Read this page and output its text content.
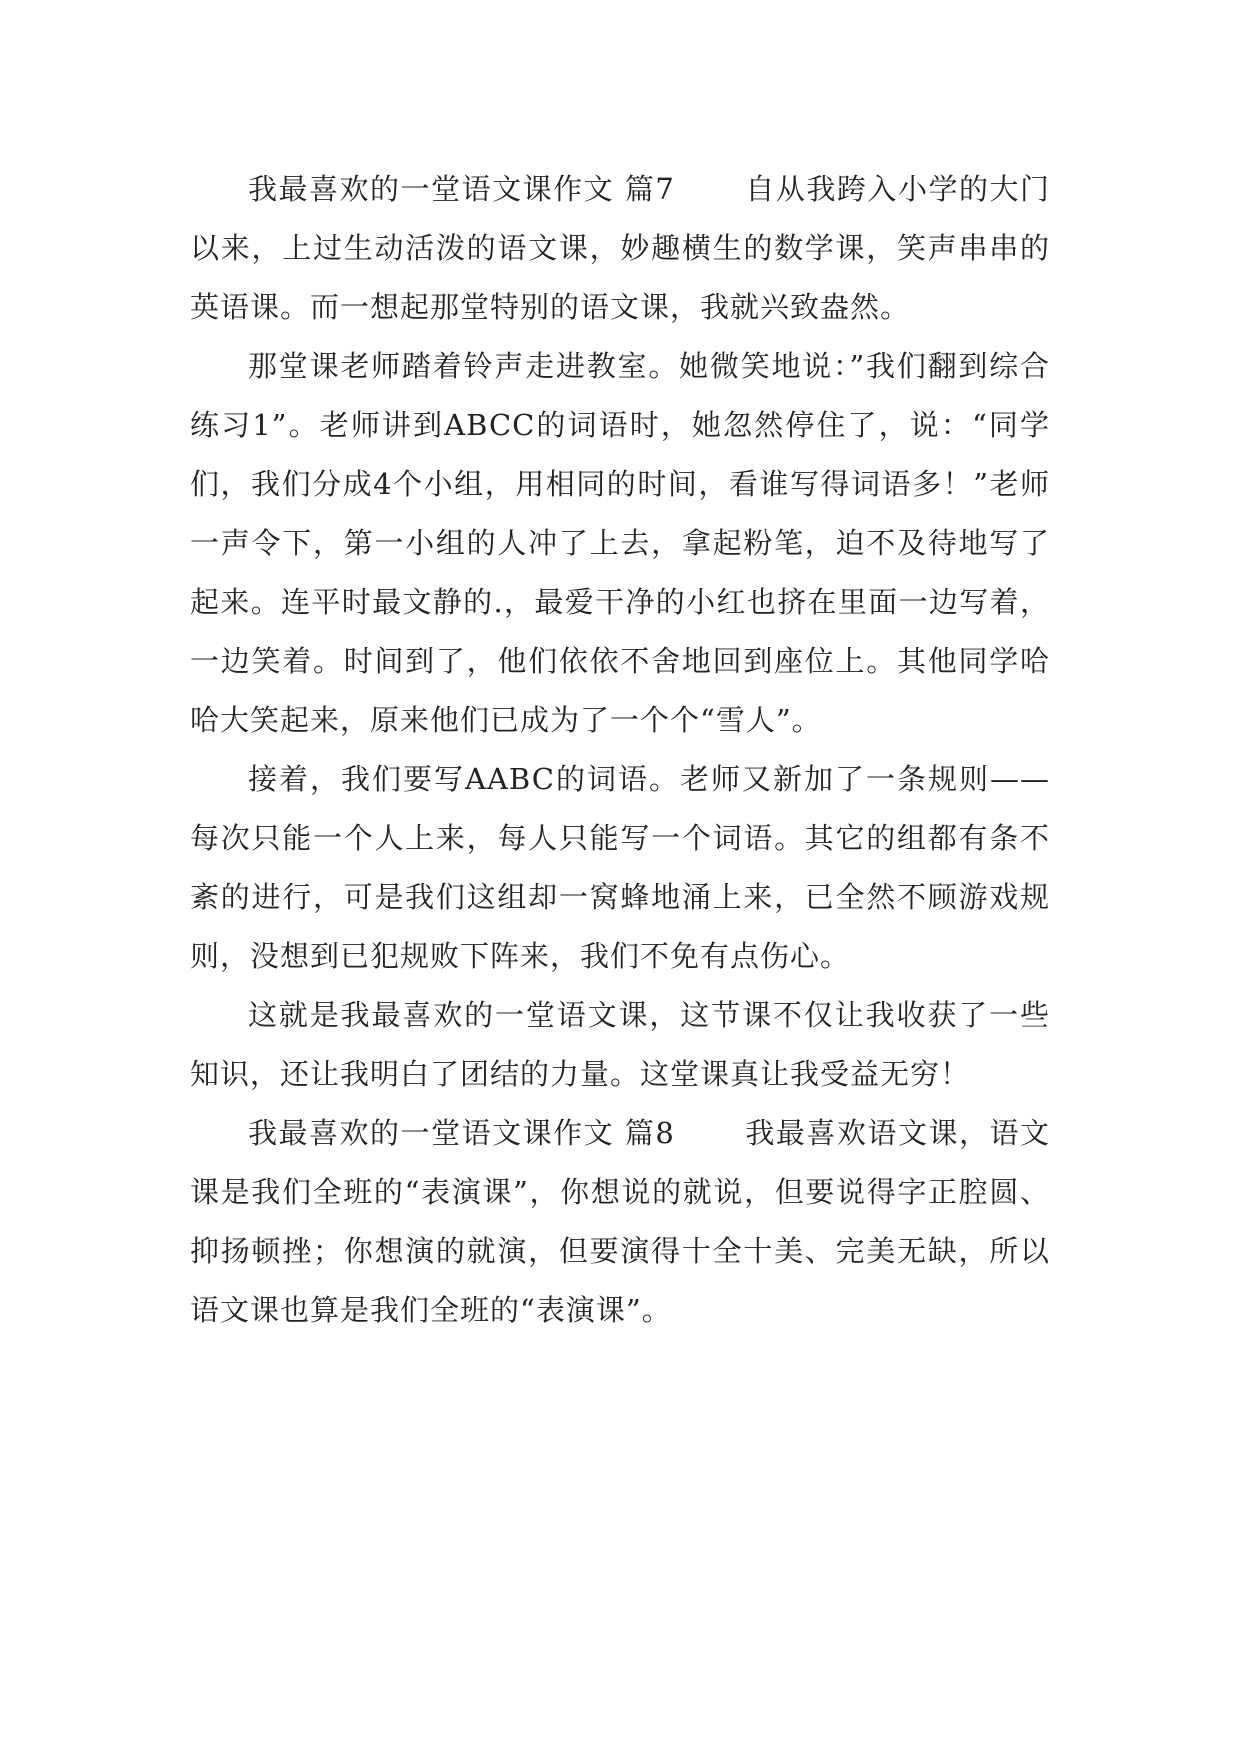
我最喜欢的一堂语文课作文 篇7 自从我跨入小学的大门以来，上过生动活泼的语文课，妙趣横生的数学课，笑声串串的英语课。而一想起那堂特别的语文课，我就兴致盎然。

那堂课老师踏着铃声走进教室。她微笑地说：”我们翻到综合练习1”。老师讲到ABCC的词语时，她忽然停住了，说：“同学们，我们分成4个小组，用相同的时间，看谁写得词语多！”老师一声令下，第一小组的人冲了上去，拿起粉笔，迫不及待地写了起来。连平时最文静的.，最爱干净的小红也挤在里面一边写着，一边笑着。时间到了，他们依依不舍地回到座位上。其他同学哈哈大笑起来，原来他们已成为了一个个“雪人”。

接着，我们要写AABC的词语。老师又新加了一条规则——每次只能一个人上来，每人只能写一个词语。其它的组都有条不紊的进行，可是我们这组却一窝蜂地涌上来，已全然不顾游戏规则，没想到已犯规败下阵来，我们不免有点伤心。

这就是我最喜欢的一堂语文课，这节课不仅让我收获了一些知识，还让我明白了团结的力量。这堂课真让我受益无穷！

我最喜欢的一堂语文课作文 篇8 我最喜欢语文课，语文课是我们全班的“表演课”，你想说的就说，但要说得字正腔圆、抑扬顿挫；你想演的就演，但要演得十全十美、完美无缺，所以语文课也算是我们全班的“表演课”。
